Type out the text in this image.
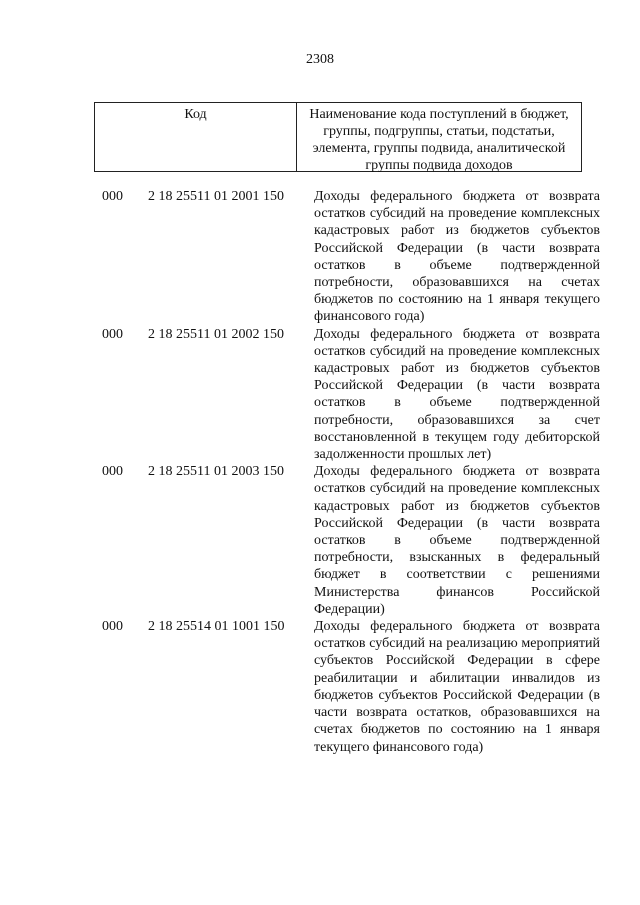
2308
Код	Наименование кода поступлений в бюджет, группы, подгруппы, статьи, подстатьи, элемента, группы подвида, аналитической группы подвида доходов
000	2 18 25511 01 2001 150	Доходы федерального бюджета от возврата остатков субсидий на проведение комплексных кадастровых работ из бюджетов субъектов Российской Федерации (в части возврата остатков в объеме подтвержденной потребности, образовавшихся на счетах бюджетов по состоянию на 1 января текущего финансового года)
000	2 18 25511 01 2002 150	Доходы федерального бюджета от возврата остатков субсидий на проведение комплексных кадастровых работ из бюджетов субъектов Российской Федерации (в части возврата остатков в объеме подтвержденной потребности, образовавшихся за счет восстановленной в текущем году дебиторской задолженности прошлых лет)
000	2 18 25511 01 2003 150	Доходы федерального бюджета от возврата остатков субсидий на проведение комплексных кадастровых работ из бюджетов субъектов Российской Федерации (в части возврата остатков в объеме подтвержденной потребности, взысканных в федеральный бюджет в соответствии с решениями Министерства финансов Российской Федерации)
000	2 18 25514 01 1001 150	Доходы федерального бюджета от возврата остатков субсидий на реализацию мероприятий субъектов Российской Федерации в сфере реабилитации и абилитации инвалидов из бюджетов субъектов Российской Федерации (в части возврата остатков, образовавшихся на счетах бюджетов по состоянию на 1 января текущего финансового года)
